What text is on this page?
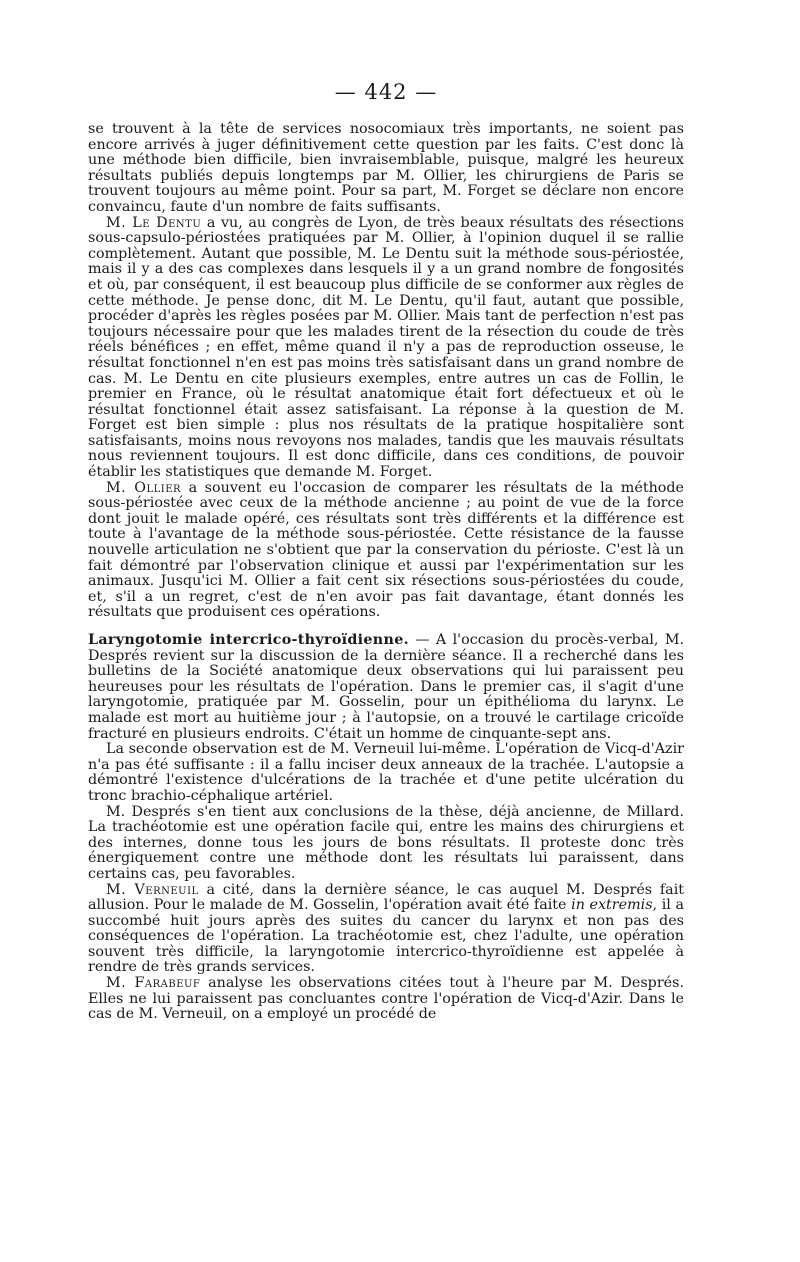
— 442 —

se trouvent à la tête de services nosocomiaux très importants, ne soient pas encore arrivés à juger définitivement cette question par les faits. C'est donc là une méthode bien difficile, bien invraisemblable, puisque, malgré les heureux résultats publiés depuis longtemps par M. Ollier, les chirurgiens de Paris se trouvent toujours au même point. Pour sa part, M. Forget se déclare non encore convaincu, faute d'un nombre de faits suffisants.

M. Le Dentu a vu, au congrès de Lyon, de très beaux résultats des résections sous-capsulo-périostées pratiquées par M. Ollier, à l'opinion duquel il se rallie complètement. Autant que possible, M. Le Dentu suit la méthode sous-périostée, mais il y a des cas complexes dans lesquels il y a un grand nombre de fongosités et où, par conséquent, il est beaucoup plus difficile de se conformer aux règles de cette méthode. Je pense donc, dit M. Le Dentu, qu'il faut, autant que possible, procéder d'après les règles posées par M. Ollier. Mais tant de perfection n'est pas toujours nécessaire pour que les malades tirent de la résection du coude de très réels bénéfices ; en effet, même quand il n'y a pas de reproduction osseuse, le résultat fonctionnel n'en est pas moins très satisfaisant dans un grand nombre de cas. M. Le Dentu en cite plusieurs exemples, entre autres un cas de Follin, le premier en France, où le résultat anatomique était fort défectueux et où le résultat fonctionnel était assez satisfaisant. La réponse à la question de M. Forget est bien simple : plus nos résultats de la pratique hospitalière sont satisfaisants, moins nous revoyons nos malades, tandis que les mauvais résultats nous reviennent toujours. Il est donc difficile, dans ces conditions, de pouvoir établir les statistiques que demande M. Forget.

M. Ollier a souvent eu l'occasion de comparer les résultats de la méthode sous-périostée avec ceux de la méthode ancienne ; au point de vue de la force dont jouit le malade opéré, ces résultats sont très différents et la différence est toute à l'avantage de la méthode sous-périostée. Cette résistance de la fausse nouvelle articulation ne s'obtient que par la conservation du périoste. C'est là un fait démontré par l'observation clinique et aussi par l'expérimentation sur les animaux. Jusqu'ici M. Ollier a fait cent six résections sous-périostées du coude, et, s'il a un regret, c'est de n'en avoir pas fait davantage, étant donnés les résultats que produisent ces opérations.

Laryngotomie intercrico-thyroïdienne. — A l'occasion du procès-verbal, M. Després revient sur la discussion de la dernière séance. Il a recherché dans les bulletins de la Société anatomique deux observations qui lui paraissent peu heureuses pour les résultats de l'opération. Dans le premier cas, il s'agit d'une laryngotomie, pratiquée par M. Gosselin, pour un épithélioma du larynx. Le malade est mort au huitième jour ; à l'autopsie, on a trouvé le cartilage cricoïde fracturé en plusieurs endroits. C'était un homme de cinquante-sept ans.

La seconde observation est de M. Verneuil lui-même. L'opération de Vicq-d'Azir n'a pas été suffisante : il a fallu inciser deux anneaux de la trachée. L'autopsie a démontré l'existence d'ulcérations de la trachée et d'une petite ulcération du tronc brachio-céphalique artériel.

M. Després s'en tient aux conclusions de la thèse, déjà ancienne, de Millard. La trachéotomie est une opération facile qui, entre les mains des chirurgiens et des internes, donne tous les jours de bons résultats. Il proteste donc très énergiquement contre une méthode dont les résultats lui paraissent, dans certains cas, peu favorables.

M. Verneuil a cité, dans la dernière séance, le cas auquel M. Després fait allusion. Pour le malade de M. Gosselin, l'opération avait été faite in extremis, il a succombé huit jours après des suites du cancer du larynx et non pas des conséquences de l'opération. La trachéotomie est, chez l'adulte, une opération souvent très difficile, la laryngotomie intercrico-thyroïdienne est appelée à rendre de très grands services.

M. Farabeuf analyse les observations citées tout à l'heure par M. Després. Elles ne lui paraissent pas concluantes contre l'opération de Vicq-d'Azir. Dans le cas de M. Verneuil, on a employé un procédé de
